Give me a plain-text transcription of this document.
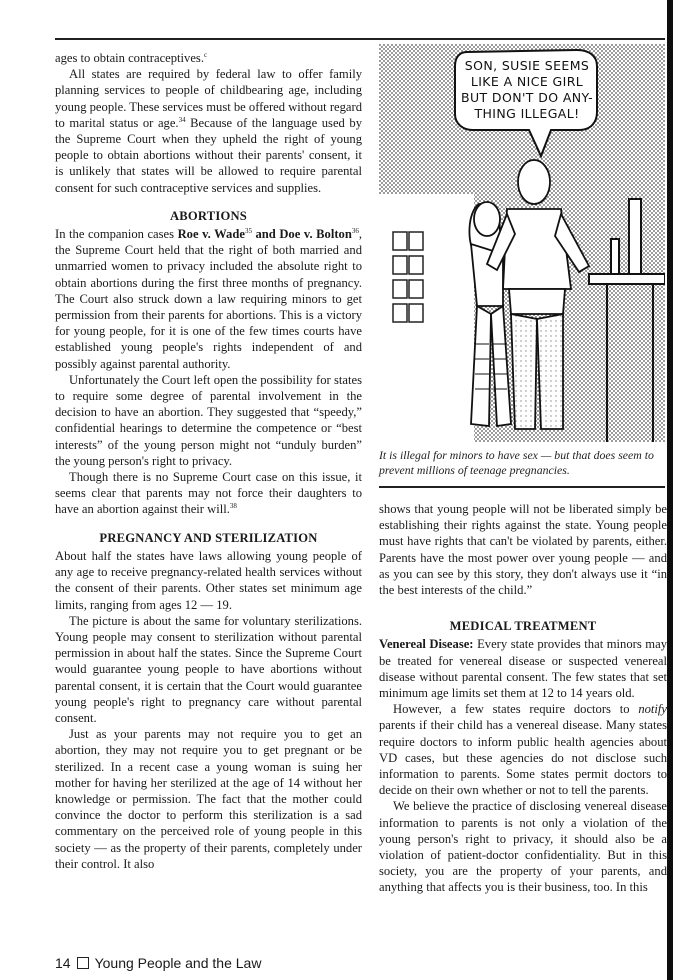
ages to obtain contraceptives.$^c$

All states are required by federal law to offer family planning services to people of childbearing age, including young people. These services must be offered without regard to marital status or age.$^{34}$ Because of the language used by the Supreme Court when they upheld the right of young people to obtain abortions without their parents' consent, it is unlikely that states will be allowed to require parental consent for such contraceptive services and supplies.

ABORTIONS

In the companion cases Roe v. Wade$^{35}$ and Doe v. Bolton$^{36}$, the Supreme Court held that the right of both married and unmarried women to privacy included the absolute right to obtain abortions during the first three months of pregnancy. The Court also struck down a law requiring minors to get permission from their parents for abortions. This is a victory for young people, for it is one of the few times courts have established young people's rights independent of and possibly against parental authority.

Unfortunately the Court left open the possibility for states to require some degree of parental involvement in the decision to have an abortion. They suggested that “speedy,” confidential hearings to determine the competence or “best interests” of the young person might not “unduly burden” the young person's right to privacy.

Though there is no Supreme Court case on this issue, it seems clear that parents may not force their daughters to have an abortion against their will.$^{38}$

PREGNANCY AND STERILIZATION

About half the states have laws allowing young people of any age to receive pregnancy-related health services without the consent of their parents. Other states set minimum age limits, ranging from ages 12 — 19.

The picture is about the same for voluntary sterilizations. Young people may consent to sterilization without parental permission in about half the states. Since the Supreme Court would guarantee young people to have abortions without parental consent, it is certain that the Court would guarantee young people's right to pregnancy care without parental consent.

Just as your parents may not require you to get an abortion, they may not require you to get pregnant or be sterilized. In a recent case a young woman is suing her mother for having her sterilized at the age of 14 without her knowledge or permission. The fact that the mother could convince the doctor to perform this sterilization is a sad commentary on the perceived role of young people in this society — as the property of their parents, completely under their control. It also

SON, SUSIE SEEMS
LIKE A NICE GIRL
BUT DON'T DO ANY-
THING ILLEGAL!
It is illegal for minors to have sex — but that does seem to prevent millions of teenage pregnancies.

shows that young people will not be liberated simply be establishing their rights against the state. Young people must have rights that can't be violated by parents, either. Parents have the most power over young people — and as you can see by this story, they don't always use it “in the best interests of the child.”

MEDICAL TREATMENT

Venereal Disease: Every state provides that minors may be treated for venereal disease or suspected venereal disease without parental consent. The few states that set minimum age limits set them at 12 to 14 years old.

However, a few states require doctors to notify parents if their child has a venereal disease. Many states require doctors to inform public health agencies about VD cases, but these agencies do not disclose such information to parents. Some states permit doctors to decide on their own whether or not to tell the parents.

We believe the practice of disclosing venereal disease information to parents is not only a violation of the young person's right to privacy, it should also be a violation of patient-doctor confidentiality. But in this society, you are the property of your parents, and anything that affects you is their business, too. In this

14 Young People and the Law
